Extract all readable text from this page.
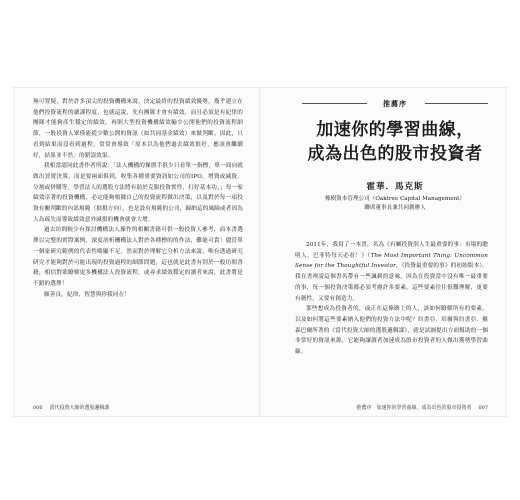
無可置疑，對於許多頂尖的投資機構來說，決定最終的投資績效優勢，幾乎建立在他們投資流程的嚴謹程度，也就這說，先有團隊才會有績效，而且必須是有紀律的團隊才能夠產生穩定的績效。再則大型投資機構績效輸少公開他們的投資流程細節，一般投資人眾僅能從少數公開的資訊（如共同基金績效）來做判斷。因此，只看到結果而沒看到過程，常常會導致「原本以為他們過去績效很好，應該會繼續好，結果並不然」的錯誤效果。

我相當認同此書作者所說：「法人機構的操盤手很少只看單一指標，單一面向就做出買賣決策，而是要兩面俱到，收集各種重要資訊如公司的IPO，增資或減資，分割或併購等，學習法人的選股方法將有助於克服投資實性，打好基本功。」每一家績效卓著的投資機構，必定能夠根據自己的投資流程做出決策，以及對於每一項投資有關判斷的內部規範（損損方向），也是設有規範的公司，歸納這的風險或者因為人為疏失而導致績效意外減損的機會就會大增。

過去坊間較少有探討機構法人操作的相關書籍可供一般投資人參考，而本書選擇以完整的實際案例，深度剖析機構法人對於各種標的的作法，難能可貴！儘管單一個家研究範例的代表性略顯不足，然而對於理解它分析方法來說，唯有透過研究研究才能夠對於可能出現的投資過程的細節問題，這也就是此書有別於一般坊間書籍，相信對欲瞭解更多機構法人投資流程，或尋求績效穩定的讀者來說，此書將是不錯的選擇！

願善良，紀律，智慧與你我同在！

006 當代投資大師的選股邏輯課
推薦序
加速你的學習曲線，
成為出色的股市投資者
霍華．馬克斯
橡樹資本管理公司（Oaktree Capital Management）
聯席董事長兼共同創辦人

2011年，我寫了一本書，名為《有關投資別人生最重要的事：市場的聰明人，巴菲特每天必看！》（The Most Important Thing: Uncommon Sense for the Thoughtful Investor，《投資最重要的事》的初始版本）。我在書裡說這個書名帶有一些諷刺的意味，因為在投資當中沒有唯一最重要的事，每一個投資決策都必須考慮許多要素，這些要素往往很難理解，更要有韌性，又要有創造力。

那些想成為投資者的，或正在這條路上的人，該如何瞭解所有的要素，以及如何將這些要素納入他們的投資方法中呢？約書亞．培爾與約書亞．羅森巴爾所著的《當代投資大師的選股邏輯課》，就是試圖提出方面幫助的一個非常好的資訊來源，它能夠讓讀者加速成為股市投資者的人做出獲勢學習曲線。

推薦序　加速你的學習曲線，成為出色的股市投資者 007
